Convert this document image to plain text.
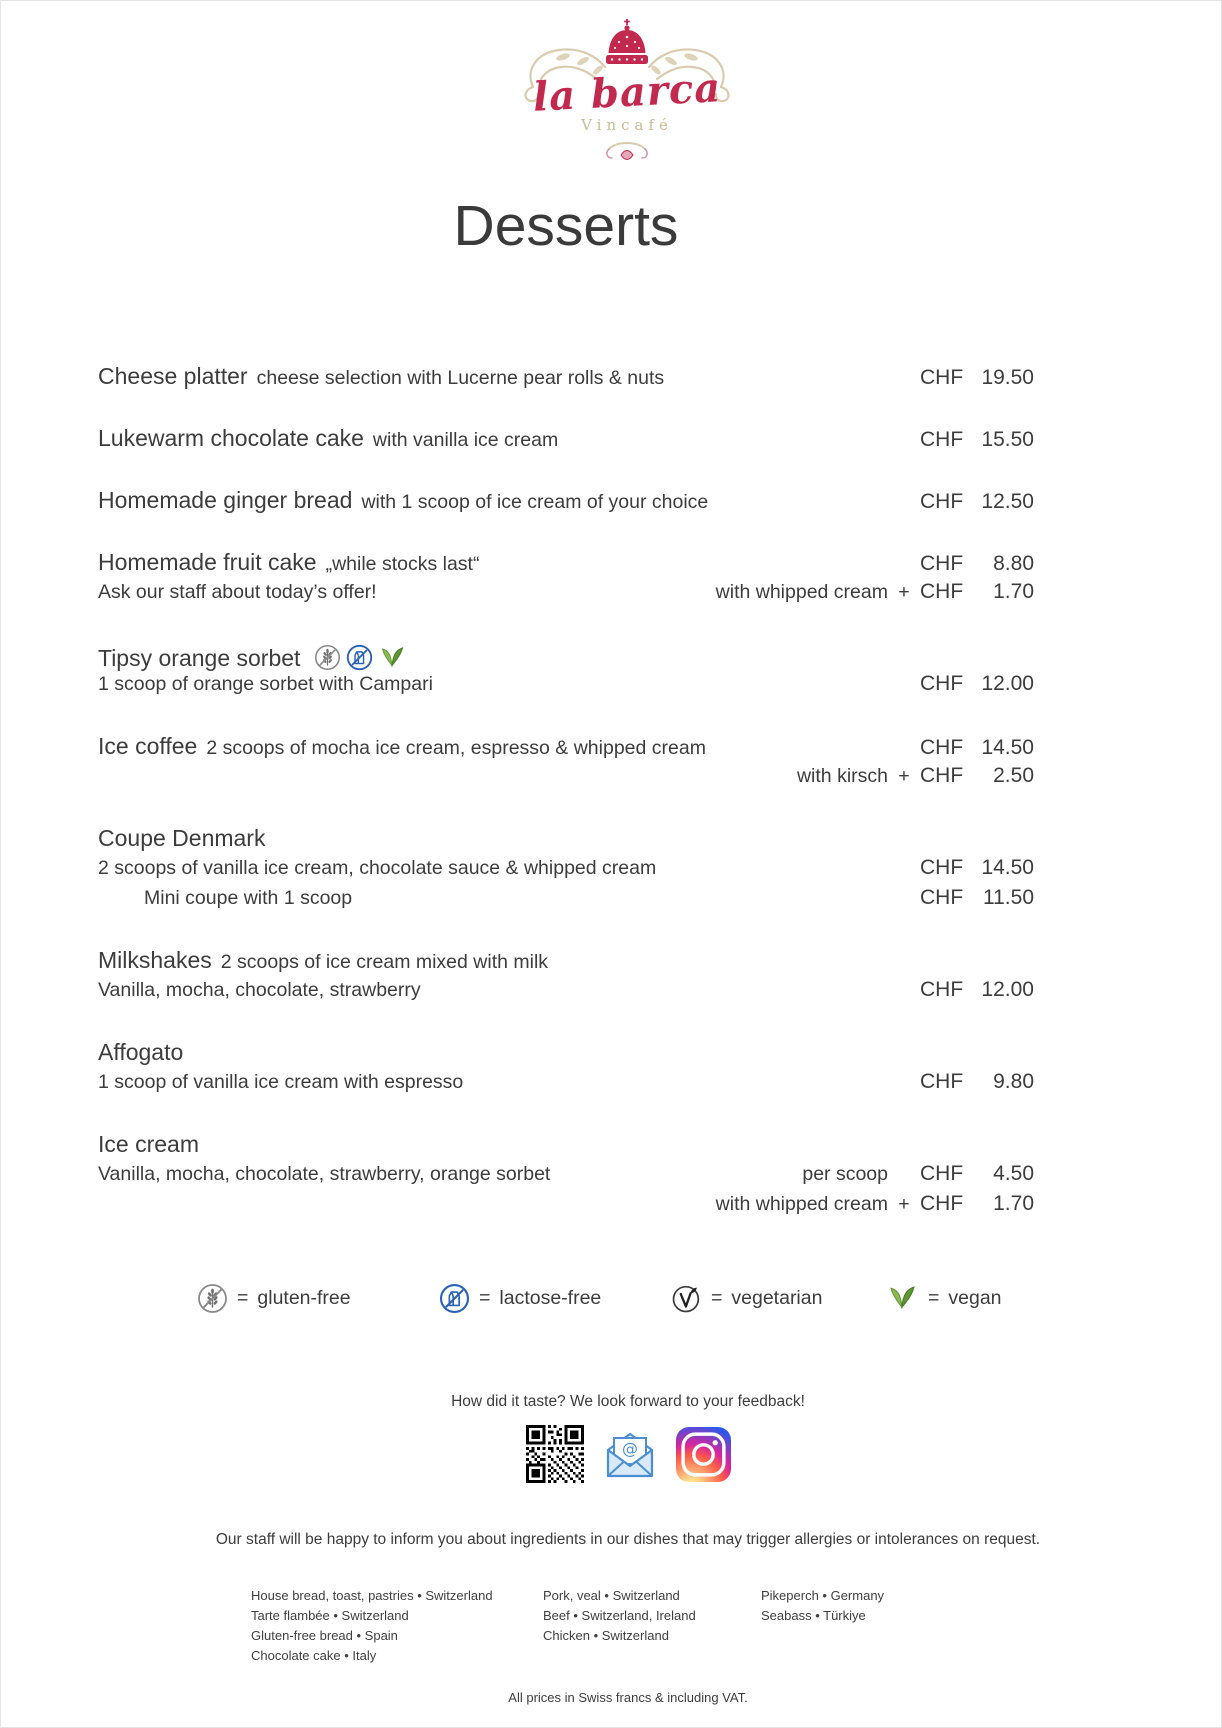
la barca
Vincafé
Desserts
Cheese platter cheese selection with Lucerne pear rolls & nuts	CHF 19.50
Lukewarm chocolate cake with vanilla ice cream	CHF 15.50
Homemade ginger bread with 1 scoop of ice cream of your choice	CHF 12.50
Homemade fruit cake „while stocks last“	CHF	8.80
Ask our staff about today’s offer!	with whipped cream + CHF	1.70
Tipsy orange sorbet
1 scoop of orange sorbet with Campari	CHF 12.00
Ice coffee 2 scoops of mocha ice cream, espresso & whipped cream	CHF 14.50
with kirsch + CHF	2.50
Coupe Denmark
2 scoops of vanilla ice cream, chocolate sauce & whipped cream	CHF 14.50
Mini coupe with 1 scoop	CHF 11.50
Milkshakes 2 scoops of ice cream mixed with milk
Vanilla, mocha, chocolate, strawberry	CHF 12.00
Affogato
1 scoop of vanilla ice cream with espresso	CHF	9.80
Ice cream
Vanilla, mocha, chocolate, strawberry, orange sorbet	per scoop CHF	4.50
with whipped cream + CHF	1.70
= gluten-free	= lactose-free	= vegetarian	= vegan
How did it taste? We look forward to your feedback!
@
Our staff will be happy to inform you about ingredients in our dishes that may trigger allergies or intolerances on request.
House bread, toast, pastries • Switzerland
Tarte flambée • Switzerland
Gluten-free bread • Spain
Chocolate cake • Italy
Pork, veal • Switzerland
Beef • Switzerland, Ireland
Chicken • Switzerland
Pikeperch • Germany
Seabass • Türkiye
All prices in Swiss francs & including VAT.
